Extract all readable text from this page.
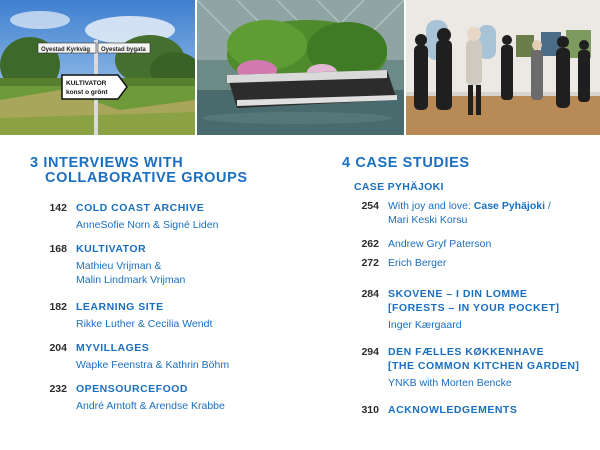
Oyestad Kyrkväg Oyestad bygata
KULTIVATOR
konst o grönt
3 INTERVIEWS WITH
COLLABORATIVE GROUPS
142 COLD COAST ARCHIVE
AnneSofie Norn & Signé Liden
168 KULTIVATOR
Mathieu Vrijman &
Malin Lindmark Vrijman
182 LEARNING SITE
Rikke Luther & Cecilia Wendt
204 MYVILLAGES
Wapke Feenstra & Kathrin Böhm
232 OPENSOURCEFOOD
André Amtoft & Arendse Krabbe
4 CASE STUDIES
CASE PYHÄJOKI
254 With joy and love: Case Pyhäjoki /
Mari Keski Korsu
262 Andrew Gryf Paterson
272 Erich Berger
284 SKOVENE – I DIN LOMME
[FORESTS – IN YOUR POCKET]
Inger Kærgaard
294 DEN FÆLLES KØKKENHAVE
[THE COMMON KITCHEN GARDEN]
YNKB with Morten Bencke
310 ACKNOWLEDGEMENTS
